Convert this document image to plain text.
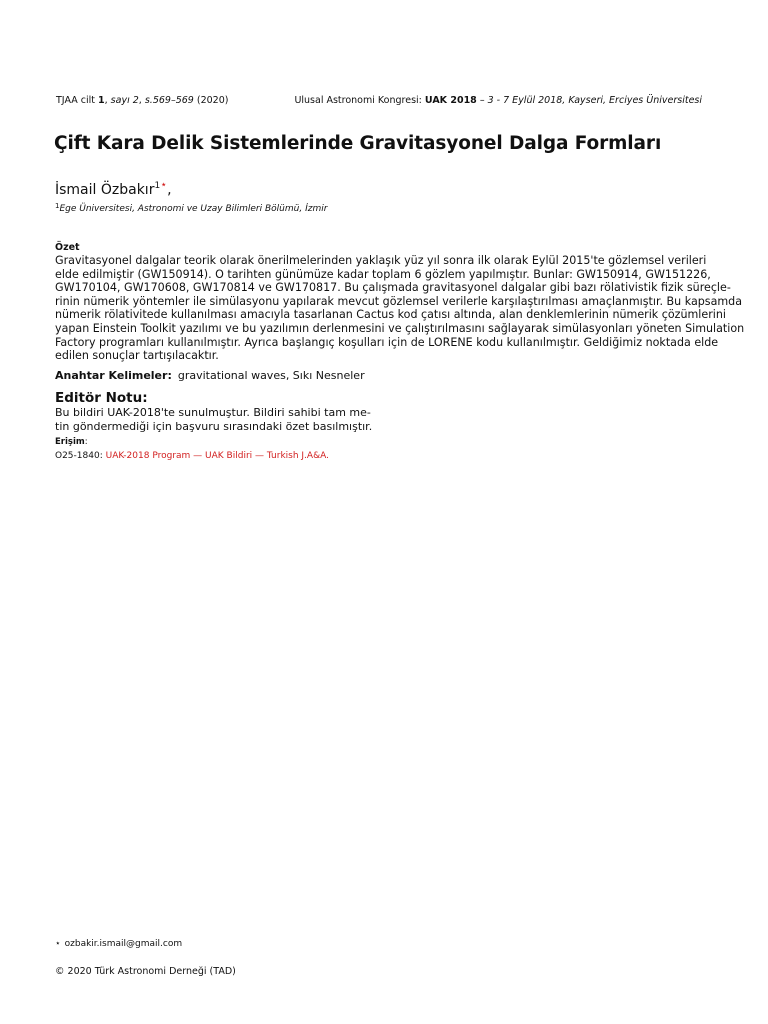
TJAA cilt 1, sayı 2, s.569–569 (2020)	Ulusal Astronomi Kongresi: UAK 2018 – 3 - 7 Eylül 2018, Kayseri, Erciyes Üniversitesi
Çift Kara Delik Sistemlerinde Gravitasyonel Dalga Formları
İsmail Özbakır$^{1⋆}$,
$^1$Ege Üniversitesi, Astronomi ve Uzay Bilimleri Bölümü, İzmir
Özet
Gravitasyonel dalgalar teorik olarak önerilmelerinden yaklaşık yüz yıl sonra ilk olarak Eylül 2015'te gözlemsel verileri
elde edilmiştir (GW150914). O tarihten günümüze kadar toplam 6 gözlem yapılmıştır. Bunlar: GW150914, GW151226,
GW170104, GW170608, GW170814 ve GW170817. Bu çalışmada gravitasyonel dalgalar gibi bazı rölativistik fizik süreçle-
rinin nümerik yöntemler ile simülasyonu yapılarak mevcut gözlemsel verilerle karşılaştırılması amaçlanmıştır. Bu kapsamda
nümerik rölativitede kullanılması amacıyla tasarlanan Cactus kod çatısı altında, alan denklemlerinin nümerik çözümlerini
yapan Einstein Toolkit yazılımı ve bu yazılımın derlenmesini ve çalıştırılmasını sağlayarak simülasyonları yöneten Simulation
Factory programları kullanılmıştır. Ayrıca başlangıç koşulları için de LORENE kodu kullanılmıştır. Geldiğimiz noktada elde
edilen sonuçlar tartışılacaktır.
Anahtar Kelimeler: gravitational waves, Sıkı Nesneler
Editör Notu:
Bu bildiri UAK-2018'te sunulmuştur. Bildiri sahibi tam me-
tin göndermediği için başvuru sırasındaki özet basılmıştır.
Erişim:
O25-1840: UAK-2018 Program — UAK Bildiri — Turkish J.A&A.
⋆ ozbakir.ismail@gmail.com
© 2020 Türk Astronomi Derneği (TAD)
